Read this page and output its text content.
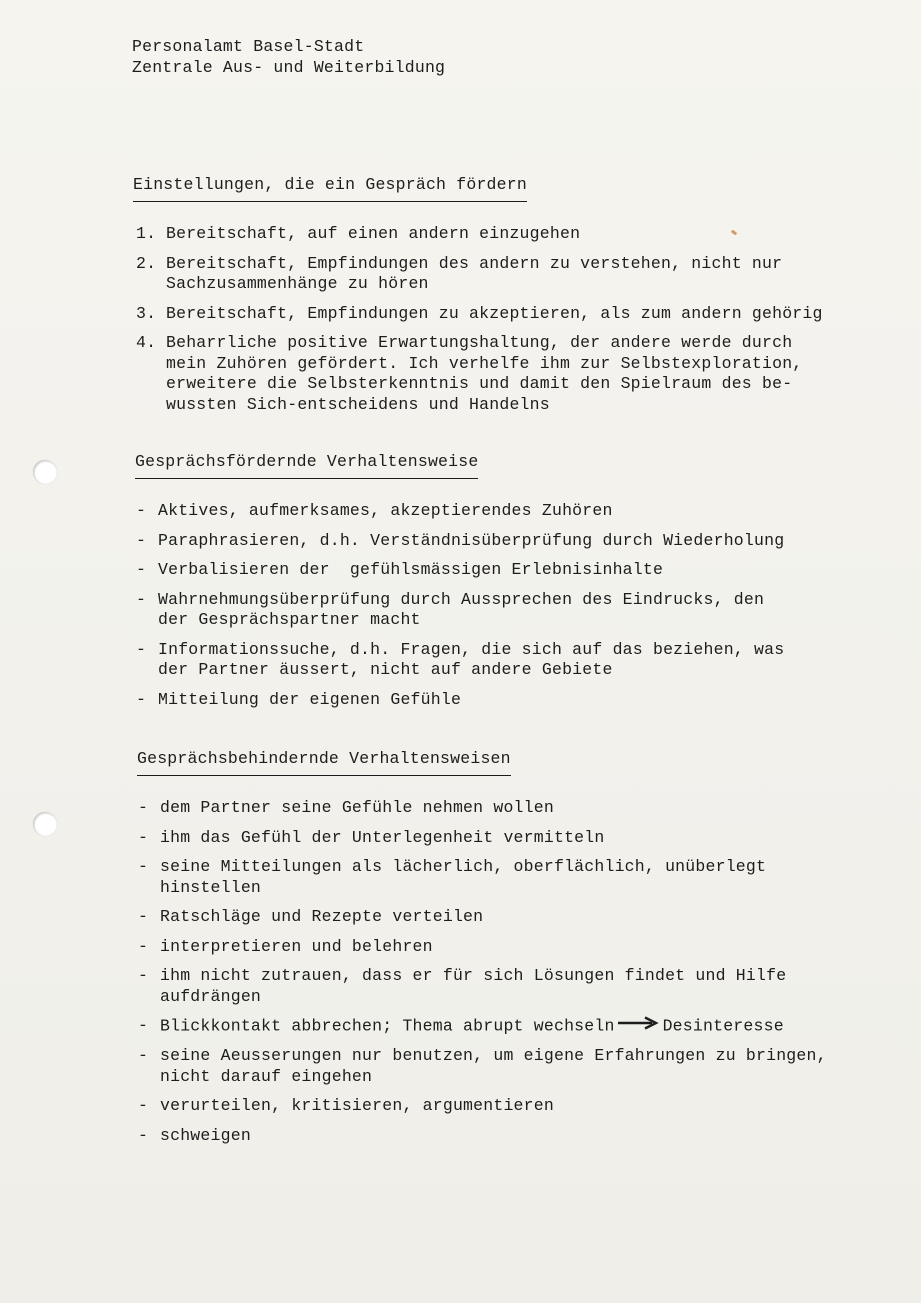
Personalamt Basel-Stadt
Zentrale Aus- und Weiterbildung
Einstellungen, die ein Gespräch fördern
1. Bereitschaft, auf einen andern einzugehen
2. Bereitschaft, Empfindungen des andern zu verstehen, nicht nur
Sachzusammenhänge zu hören
3. Bereitschaft, Empfindungen zu akzeptieren, als zum andern gehörig
4. Beharrliche positive Erwartungshaltung, der andere werde durch
mein Zuhören gefördert. Ich verhelfe ihm zur Selbstexploration,
erweitere die Selbsterkenntnis und damit den Spielraum des be-
wussten Sich-entscheidens und Handelns
Gesprächsfördernde Verhaltensweise
- Aktives, aufmerksames, akzeptierendes Zuhören
- Paraphrasieren, d.h. Verständnisüberprüfung durch Wiederholung
- Verbalisieren der  gefühlsmässigen Erlebnisinhalte
- Wahrnehmungsüberprüfung durch Aussprechen des Eindrucks, den
der Gesprächspartner macht
- Informationssuche, d.h. Fragen, die sich auf das beziehen, was
der Partner äussert, nicht auf andere Gebiete
- Mitteilung der eigenen Gefühle
Gesprächsbehindernde Verhaltensweisen
- dem Partner seine Gefühle nehmen wollen
- ihm das Gefühl der Unterlegenheit vermitteln
- seine Mitteilungen als lächerlich, oberflächlich, unüberlegt
hinstellen
- Ratschläge und Rezepte verteilen
- interpretieren und belehren
- ihm nicht zutrauen, dass er für sich Lösungen findet und Hilfe
aufdrängen
- Blickkontakt abbrechen; Thema abrupt wechseln	Desinteresse
- seine Aeusserungen nur benutzen, um eigene Erfahrungen zu bringen,
nicht darauf eingehen
- verurteilen, kritisieren, argumentieren
- schweigen
